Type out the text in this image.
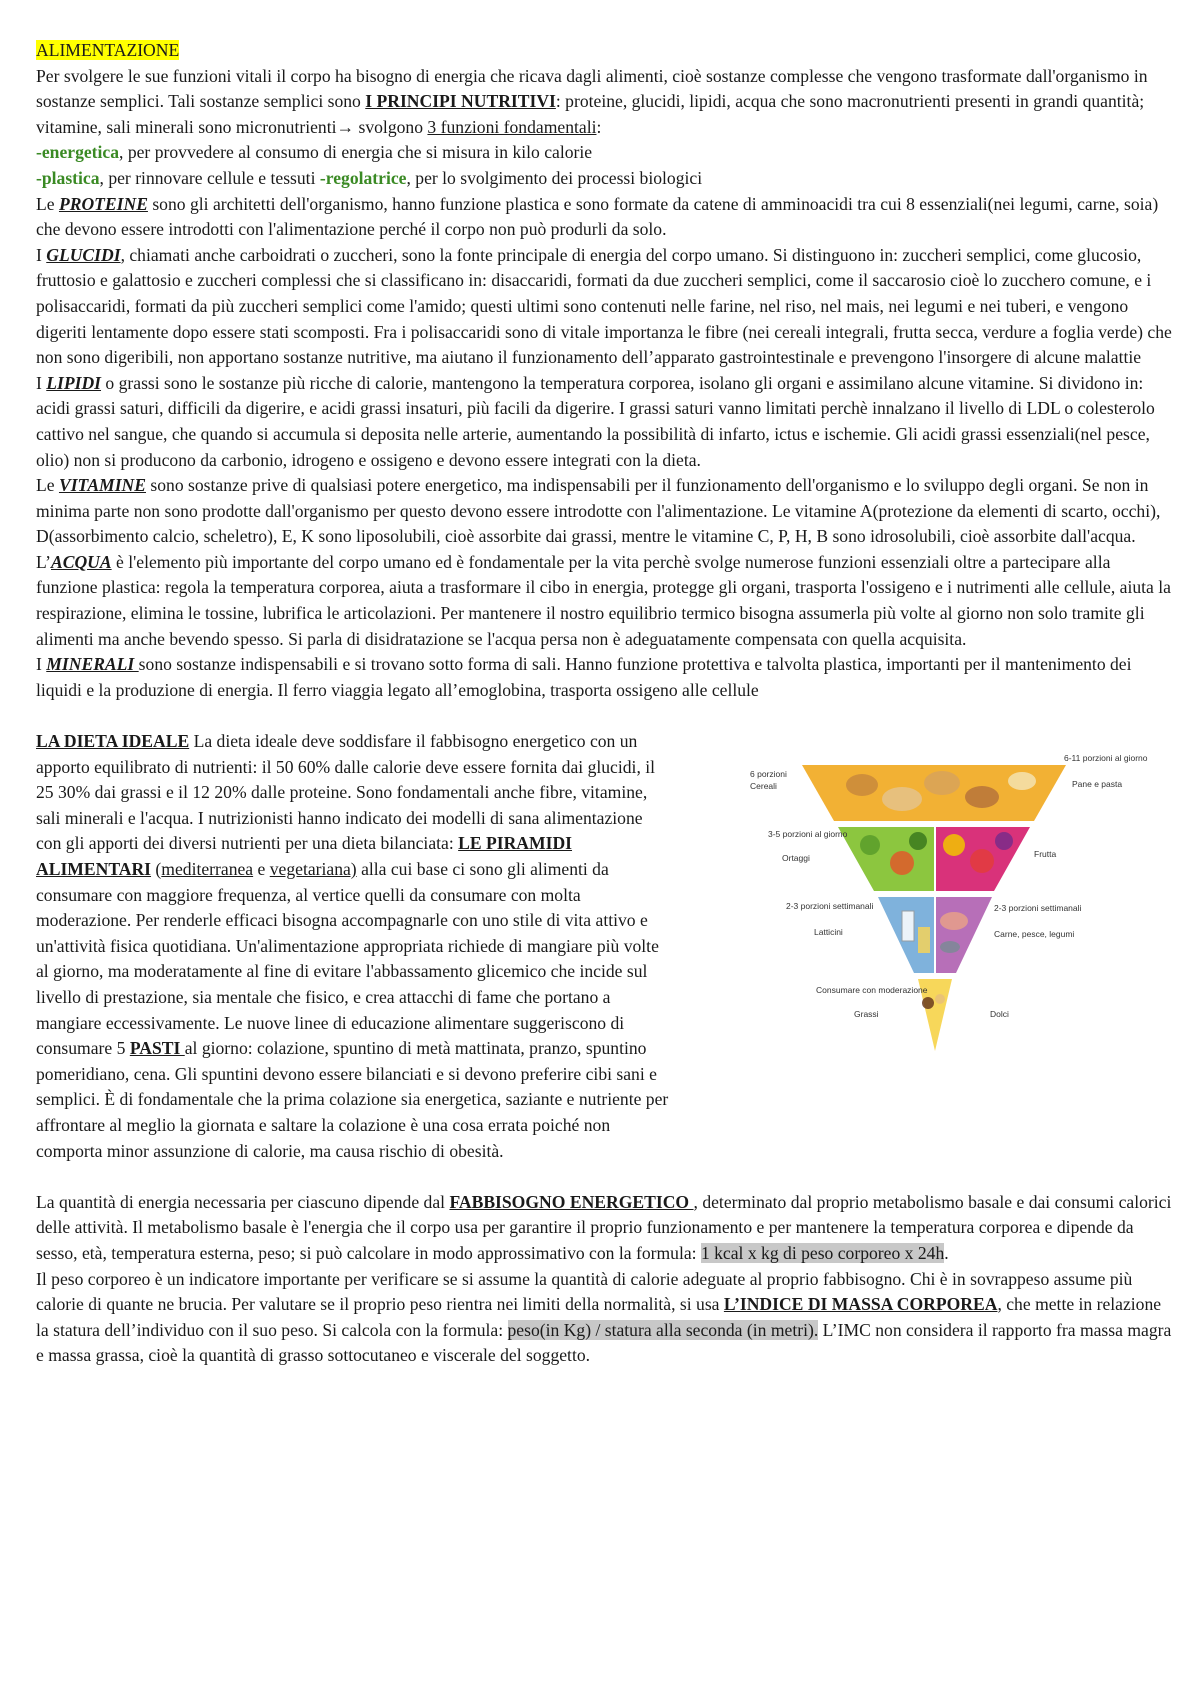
ALIMENTAZIONE

Per svolgere le sue funzioni vitali il corpo ha bisogno di energia che ricava dagli alimenti, cioè sostanze complesse che vengono trasformate dall'organismo in sostanze semplici. Tali sostanze semplici sono I PRINCIPI NUTRITIVI: proteine, glucidi, lipidi, acqua che sono macronutrienti presenti in grandi quantità; vitamine, sali minerali sono micronutrienti→ svolgono 3 funzioni fondamentali:

-energetica, per provvedere al consumo di energia che si misura in kilo calorie

-plastica, per rinnovare cellule e tessuti -regolatrice, per lo svolgimento dei processi biologici

Le PROTEINE sono gli architetti dell'organismo, hanno funzione plastica e sono formate da catene di amminoacidi tra cui 8 essenziali(nei legumi, carne, soia) che devono essere introdotti con l'alimentazione perché il corpo non può produrli da solo.

I GLUCIDI, chiamati anche carboidrati o zuccheri, sono la fonte principale di energia del corpo umano. Si distinguono in: zuccheri semplici, come glucosio, fruttosio e galattosio e zuccheri complessi che si classificano in: disaccaridi, formati da due zuccheri semplici, come il saccarosio cioè lo zucchero comune, e i polisaccaridi, formati da più zuccheri semplici come l'amido; questi ultimi sono contenuti nelle farine, nel riso, nel mais, nei legumi e nei tuberi, e vengono digeriti lentamente dopo essere stati scomposti. Fra i polisaccaridi sono di vitale importanza le fibre (nei cereali integrali, frutta secca, verdure a foglia verde) che non sono digeribili, non apportano sostanze nutritive, ma aiutano il funzionamento dell’apparato gastrointestinale e prevengono l'insorgere di alcune malattie

I LIPIDI o grassi sono le sostanze più ricche di calorie, mantengono la temperatura corporea, isolano gli organi e assimilano alcune vitamine. Si dividono in: acidi grassi saturi, difficili da digerire, e acidi grassi insaturi, più facili da digerire. I grassi saturi vanno limitati perchè innalzano il livello di LDL o colesterolo cattivo nel sangue, che quando si accumula si deposita nelle arterie, aumentando la possibilità di infarto, ictus e ischemie. Gli acidi grassi essenziali(nel pesce, olio) non si producono da carbonio, idrogeno e ossigeno e devono essere integrati con la dieta.

Le VITAMINE sono sostanze prive di qualsiasi potere energetico, ma indispensabili per il funzionamento dell'organismo e lo sviluppo degli organi. Se non in minima parte non sono prodotte dall'organismo per questo devono essere introdotte con l'alimentazione. Le vitamine A(protezione da elementi di scarto, occhi), D(assorbimento calcio, scheletro), E, K sono liposolubili, cioè assorbite dai grassi, mentre le vitamine C, P, H, B sono idrosolubili, cioè assorbite dall'acqua.

L’ACQUA è l'elemento più importante del corpo umano ed è fondamentale per la vita perchè svolge numerose funzioni essenziali oltre a partecipare alla funzione plastica: regola la temperatura corporea, aiuta a trasformare il cibo in energia, protegge gli organi, trasporta l'ossigeno e i nutrimenti alle cellule, aiuta la respirazione, elimina le tossine, lubrifica le articolazioni. Per mantenere il nostro equilibrio termico bisogna assumerla più volte al giorno non solo tramite gli alimenti ma anche bevendo spesso. Si parla di disidratazione se l'acqua persa non è adeguatamente compensata con quella acquisita.

I MINERALI sono sostanze indispensabili e si trovano sotto forma di sali. Hanno funzione protettiva e talvolta plastica, importanti per il mantenimento dei liquidi e la produzione di energia. Il ferro viaggia legato all’emoglobina, trasporta ossigeno alle cellule

6 porzioni
Cereali
6-11 porzioni al giorno
Pane e pasta
3-5 porzioni al giorno
Ortaggi	Frutta
2-3 porzioni settimanali
Latticini
2-3 porzioni settimanali
Carne, pesce, legumi
Consumare con moderazione
Grassi	Dolci

LA DIETA IDEALE La dieta ideale deve soddisfare il fabbisogno energetico con un apporto equilibrato di nutrienti: il 50 60% dalle calorie deve essere fornita dai glucidi, il 25 30% dai grassi e il 12 20% dalle proteine. Sono fondamentali anche fibre, vitamine, sali minerali e l'acqua. I nutrizionisti hanno indicato dei modelli di sana alimentazione con gli apporti dei diversi nutrienti per una dieta bilanciata: LE PIRAMIDI ALIMENTARI (mediterranea e vegetariana) alla cui base ci sono gli alimenti da consumare con maggiore frequenza, al vertice quelli da consumare con molta moderazione. Per renderle efficaci bisogna accompagnarle con uno stile di vita attivo e un'attività fisica quotidiana. Un'alimentazione appropriata richiede di mangiare più volte al giorno, ma moderatamente al fine di evitare l'abbassamento glicemico che incide sul livello di prestazione, sia mentale che fisico, e crea attacchi di fame che portano a mangiare eccessivamente. Le nuove linee di educazione alimentare suggeriscono di consumare 5 PASTI al giorno: colazione, spuntino di metà mattinata, pranzo, spuntino pomeridiano, cena. Gli spuntini devono essere bilanciati e si devono preferire cibi sani e semplici. È di fondamentale che la prima colazione sia energetica, saziante e nutriente per affrontare al meglio la giornata e saltare la colazione è una cosa errata poiché non comporta minor assunzione di calorie, ma causa rischio di obesità.

La quantità di energia necessaria per ciascuno dipende dal FABBISOGNO ENERGETICO , determinato dal proprio metabolismo basale e dai consumi calorici delle attività. Il metabolismo basale è l'energia che il corpo usa per garantire il proprio funzionamento e per mantenere la temperatura corporea e dipende da sesso, età, temperatura esterna, peso; si può calcolare in modo approssimativo con la formula: 1 kcal x kg di peso corporeo x 24h.

Il peso corporeo è un indicatore importante per verificare se si assume la quantità di calorie adeguate al proprio fabbisogno. Chi è in sovrappeso assume più calorie di quante ne brucia. Per valutare se il proprio peso rientra nei limiti della normalità, si usa L’INDICE DI MASSA CORPOREA, che mette in relazione la statura dell’individuo con il suo peso. Si calcola con la formula: peso(in Kg) / statura alla seconda (in metri). L’IMC non considera il rapporto fra massa magra e massa grassa, cioè la quantità di grasso sottocutaneo e viscerale del soggetto.
